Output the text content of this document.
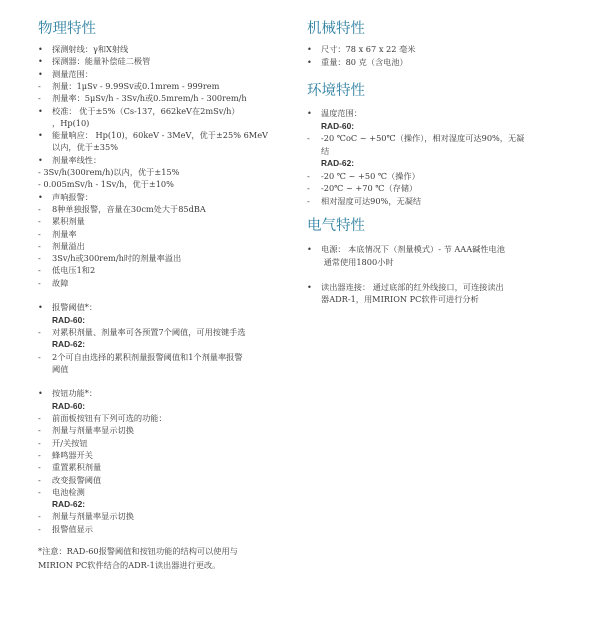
物理特性
• 探测射线：γ和X射线
• 探测器：能量补偿硅二极管
• 测量范围：
- 剂量：1μSv - 9.99Sv或0.1mrem - 999rem
- 剂量率：5μSv/h - 3Sv/h或0.5mrem/h - 300rem/h
• 校准： 优于±5%（Cs-137，662keV在2mSv/h）
，Hp(10)
• 能量响应： Hp(10)，60keV - 3MeV，优于±25% 6MeV
以内，优于±35%
• 剂量率线性：
- 3Sv/h(300rem/h)以内，优于±15%
- 0.005mSv/h - 1Sv/h，优于±10%
• 声响报警：
- 8种单独报警，音量在30cm处大于85dBA
- 累积剂量
- 剂量率
- 剂量溢出
- 3Sv/h或300rem/h时的剂量率溢出
- 低电压1和2
- 故障
• 报警阈值*：
RAD-60:
- 对累积剂量、剂量率可各预置7个阈值，可用按键手选
RAD-62:
- 2个可自由选择的累积剂量报警阈值和1个剂量率报警
阈值
• 按钮功能*：
RAD-60:
- 前面板按钮有下列可选的功能：
- 剂量与剂量率显示切换
- 开/关按钮
- 蜂鸣器开关
- 重置累积剂量
- 改变报警阈值
- 电池检测
RAD-62:
- 剂量与剂量率显示切换
- 报警值显示
*注意：RAD-60报警阈值和按钮功能的结构可以使用与
MIRION PC软件结合的ADR-1读出器进行更改。
机械特性
• 尺寸：78 x 67 x 22 毫米
• 重量：80 克（含电池）
环境特性
• 温度范围：
RAD-60:
- -20 ℃oC ~ +50℃（操作），相对湿度可达90%，无凝
结
RAD-62:
- -20 ℃ ~ +50 ℃（操作）
- -20℃ ~ +70 ℃（存储）
- 相对湿度可达90%，无凝结
电气特性
• 电源： 本底情况下（剂量模式）- 节 AAA碱性电池
通常使用1800小时
• 读出器连接： 通过底部的红外线接口，可连接读出
器ADR-1，用MIRION PC软件可进行分析
